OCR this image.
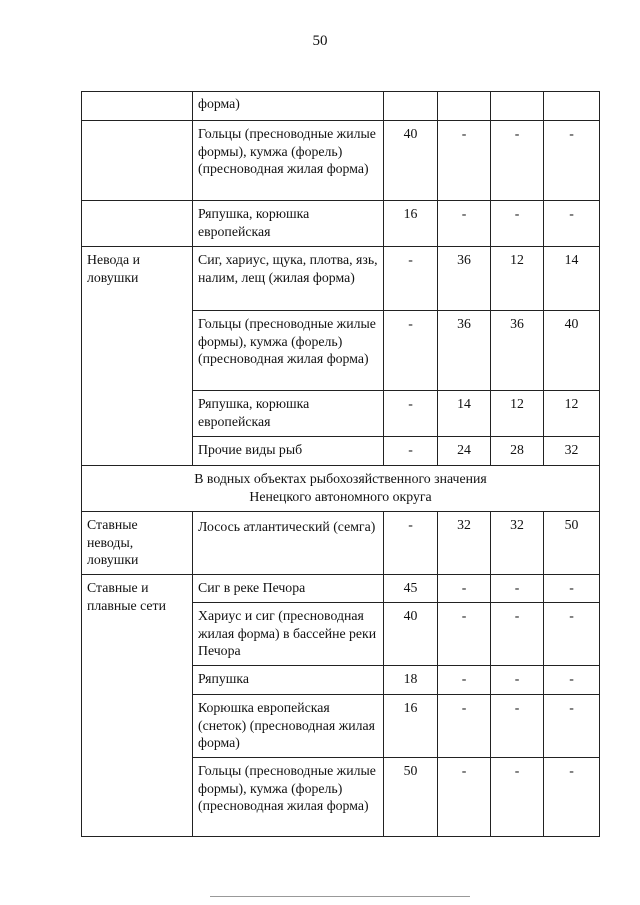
50
	форма)				
	Гольцы (пресноводные жилые формы), кумжа (форель) (пресноводная жилая форма)	40	-	-	-
	Ряпушка, корюшка европейская	16	-	-	-
Невода и ловушки	Сиг, хариус, щука, плотва, язь, налим, лещ (жилая форма)	-	36	12	14
	Гольцы (пресноводные жилые формы), кумжа (форель) (пресноводная жилая форма)	-	36	36	40
	Ряпушка, корюшка европейская	-	14	12	12
	Прочие виды рыб	-	24	28	32

В водных объектах рыбохозяйственного значения
Ненецкого автономного округа					

Ставные неводы, ловушки	Лосось атлантический (семга)	-	32	32	50
Ставные и плавные сети	Сиг в реке Печора	45	-	-	-
	Хариус и сиг (пресноводная жилая форма) в бассейне реки Печора	40	-	-	-
	Ряпушка	18	-	-	-
	Корюшка европейская (снеток) (пресноводная жилая форма)	16	-	-	-
	Гольцы (пресноводные жилые формы), кумжа (форель) (пресноводная жилая форма)	50	-	-	-
